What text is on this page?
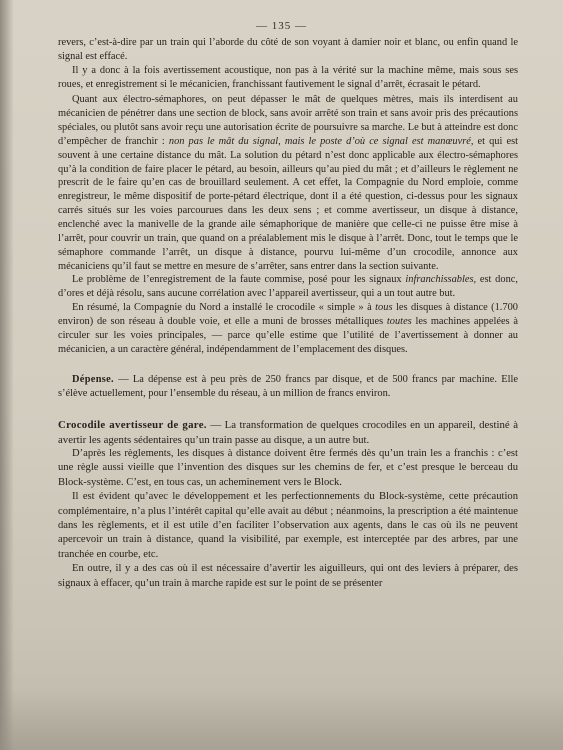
— 135 —

revers, c’est-à-dire par un train qui l’aborde du côté de son voyant à damier noir et blanc, ou enfin quand le signal est effacé.

Il y a donc à la fois avertissement acoustique, non pas à la vérité sur la machine même, mais sous ses roues, et enregistrement si le mécanicien, franchissant fautivement le signal d’arrêt, écrasait le pétard.

Quant aux électro-sémaphores, on peut dépasser le mât de quelques mètres, mais ils interdisent au mécanicien de pénétrer dans une section de block, sans avoir arrêté son train et sans avoir pris des précautions spéciales, ou plutôt sans avoir reçu une autorisation écrite de poursuivre sa marche. Le but à atteindre est donc d’empêcher de franchir : non pas le mât du signal, mais le poste d’où ce signal est manœuvré, et qui est souvent à une certaine distance du mât. La solution du pétard n’est donc applicable aux électro-sémaphores qu’à la condition de faire placer le pétard, au besoin, ailleurs qu’au pied du mât ; et d’ailleurs le règlement ne prescrit de le faire qu’en cas de brouillard seulement. A cet effet, la Compagnie du Nord emploie, comme enregistreur, le même dispositif de porte-pétard électrique, dont il a été question, ci-dessus pour les signaux carrés situés sur les voies parcourues dans les deux sens ; et comme avertisseur, un disque à distance, enclenché avec la manivelle de la grande aile sémaphorique de manière que celle-ci ne puisse être mise à l’arrêt, pour couvrir un train, que quand on a préalablement mis le disque à l’arrêt. Donc, tout le temps que le sémaphore commande l’arrêt, un disque à distance, pourvu lui-même d’un crocodile, annonce aux mécaniciens qu’il faut se mettre en mesure de s’arrêter, sans entrer dans la section suivante.

Le problème de l’enregistrement de la faute commise, posé pour les signaux infranchissables, est donc, d’ores et déjà résolu, sans aucune corrélation avec l’appareil avertisseur, qui a un tout autre but.

En résumé, la Compagnie du Nord a installé le crocodile « simple » à tous les disques à distance (1.700 environ) de son réseau à double voie, et elle a muni de brosses métalliques toutes les machines appelées à circuler sur les voies principales, — parce qu’elle estime que l’utilité de l’avertissement à donner au mécanicien, a un caractère général, indépendamment de l’emplacement des disques.

Dépense. — La dépense est à peu près de 250 francs par disque, et de 500 francs par machine. Elle s’élève actuellement, pour l’ensemble du réseau, à un million de francs environ.

Crocodile avertisseur de gare. — La transformation de quelques crocodiles en un appareil, destiné à avertir les agents sédentaires qu’un train passe au disque, a un autre but.

D’après les règlements, les disques à distance doivent être fermés dès qu’un train les a franchis : c’est une règle aussi vieille que l’invention des disques sur les chemins de fer, et c’est presque le berceau du Block-système. C’est, en tous cas, un acheminement vers le Block.

Il est évident qu’avec le développement et les perfectionnements du Block-système, cette précaution complémentaire, n’a plus l’intérêt capital qu’elle avait au début ; néanmoins, la prescription a été maintenue dans les règlements, et il est utile d’en faciliter l’observation aux agents, dans le cas où ils ne peuvent apercevoir un train à distance, quand la visibilité, par exemple, est interceptée par des arbres, par une tranchée en courbe, etc.

En outre, il y a des cas où il est nécessaire d’avertir les aiguilleurs, qui ont des leviers à préparer, des signaux à effacer, qu’un train à marche rapide est sur le point de se présenter
